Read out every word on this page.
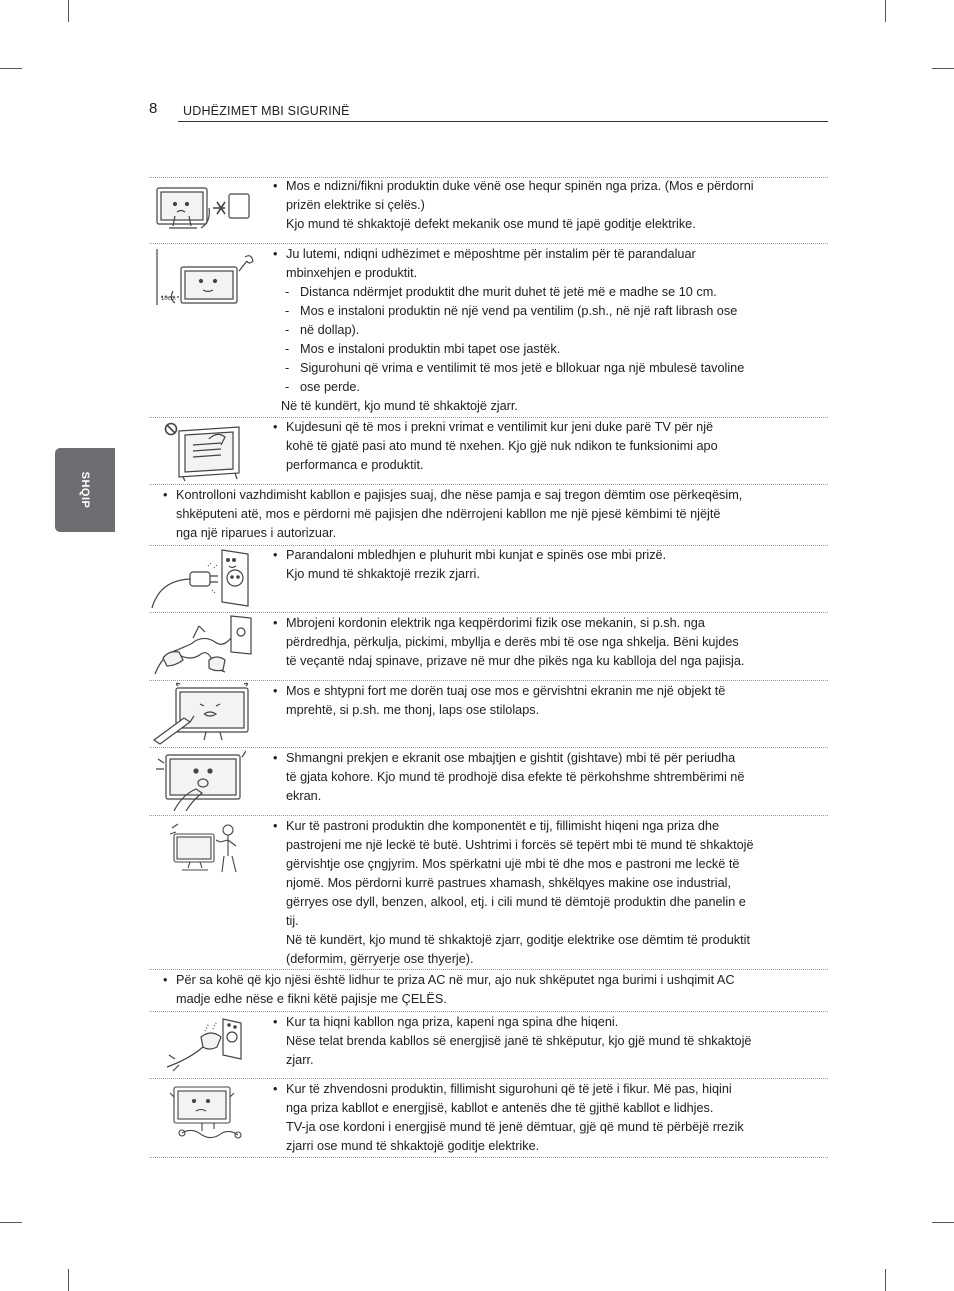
8 UDHËZIMET MBI SIGURINË
SHQIP

• Mos e ndizni/fikni produktin duke vënë ose hequr spinën nga priza. (Mos e përdorni

prizën elektrike si çelës.)

Kjo mund të shkaktojë defekt mekanik ose mund të japë goditje elektrike.

10cm

• Ju lutemi, ndiqni udhëzimet e mëposhtme për instalim për të parandaluar

mbinxehjen e produktit.

- Distanca ndërmjet produktit dhe murit duhet të jetë më e madhe se 10 cm.

- Mos e instaloni produktin në një vend pa ventilim (p.sh., në një raft librash ose

- në dollap).

- Mos e instaloni produktin mbi tapet ose jastëk.

- Sigurohuni që vrima e ventilimit të mos jetë e bllokuar nga një mbulesë tavoline

- ose perde.

Në të kundërt, kjo mund të shkaktojë zjarr.

• Kujdesuni që të mos i prekni vrimat e ventilimit kur jeni duke parë TV për një

kohë të gjatë pasi ato mund të nxehen. Kjo gjë nuk ndikon te funksionimi apo

performanca e produktit.

• Kontrolloni vazhdimisht kabllon e pajisjes suaj, dhe nëse pamja e saj tregon dëmtim ose përkeqësim,

shkëputeni atë, mos e përdorni më pajisjen dhe ndërrojeni kabllon me një pjesë këmbimi të njëjtë

nga një riparues i autorizuar.

• Parandaloni mbledhjen e pluhurit mbi kunjat e spinës ose mbi prizë.

Kjo mund të shkaktojë rrezik zjarri.

• Mbrojeni kordonin elektrik nga keqpërdorimi fizik ose mekanin, si p.sh. nga

përdredhja, përkulja, pickimi, mbyllja e derës mbi të ose nga shkelja. Bëni kujdes

të veçantë ndaj spinave, prizave në mur dhe pikës nga ku kablloja del nga pajisja.

• Mos e shtypni fort me dorën tuaj ose mos e gërvishtni ekranin me një objekt të

mprehtë, si p.sh. me thonj, laps ose stilolaps.

• Shmangni prekjen e ekranit ose mbajtjen e gishtit (gishtave) mbi të për periudha

të gjata kohore. Kjo mund të prodhojë disa efekte të përkohshme shtrembërimi në

ekran.

• Kur të pastroni produktin dhe komponentët e tij, fillimisht hiqeni nga priza dhe

pastrojeni me një leckë të butë. Ushtrimi i forcës së tepërt mbi të mund të shkaktojë

gërvishtje ose çngjyrim. Mos spërkatni ujë mbi të dhe mos e pastroni me leckë të

njomë. Mos përdorni kurrë pastrues xhamash, shkëlqyes makine ose industrial,

gërryes ose dyll, benzen, alkool, etj. i cili mund të dëmtojë produktin dhe panelin e

tij.

Në të kundërt, kjo mund të shkaktojë zjarr, goditje elektrike ose dëmtim të produktit

(deformim, gërryerje ose thyerje).

• Për sa kohë që kjo njësi është lidhur te priza AC në mur, ajo nuk shkëputet nga burimi i ushqimit AC

madje edhe nëse e fikni këtë pajisje me ÇELËS.

• Kur ta hiqni kabllon nga priza, kapeni nga spina dhe hiqeni.

Nëse telat brenda kabllos së energjisë janë të shkëputur, kjo gjë mund të shkaktojë

zjarr.

• Kur të zhvendosni produktin, fillimisht sigurohuni që të jetë i fikur. Më pas, hiqini

nga priza kabllot e energjisë, kabllot e antenës dhe të gjithë kabllot e lidhjes.

TV-ja ose kordoni i energjisë mund të jenë dëmtuar, gjë që mund të përbëjë rrezik

zjarri ose mund të shkaktojë goditje elektrike.
